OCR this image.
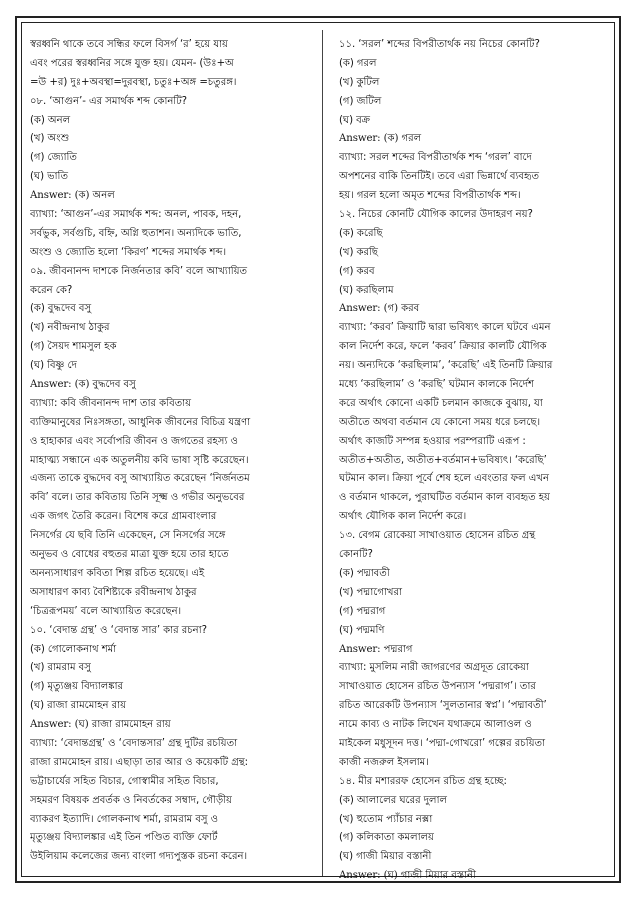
স্বরধ্বনি থাকে তবে সন্ধির ফলে বিসর্গ ‘র’ হয়ে যায়
এবং পরের স্বরধ্বনির সঙ্গে যুক্ত হয়। যেমন- (উঃ+অ
=উ +র) দুঃ+অবস্থা=দুরবস্থা, চতুঃ+অঙ্গ =চতুরঙ্গ।
০৮. ‘আগুন’- এর সমার্থক শব্দ কোনটি?
(ক) অনল
(খ) অংশু
(গ) জ্যোতি
(ঘ) ভাতি
Answer: (ক) অনল
ব্যাখ্যা: ‘আগুন’-এর সমার্থক শব্দ: অনল, পাবক, দহন,
সর্বভুক, সর্বগুচি, বহ্নি, অগ্নি হুতাশন। অন্যদিকে ভাতি,
অংশু ও জ্যোতি হলো ‘কিরণ’ শব্দের সমার্থক শব্দ।
০৯. জীবনানন্দ দাশকে নির্জনতার কবি’ বলে আখ্যায়িত
করেন কে?
(ক) বুদ্ধদেব বসু
(খ) নবীন্দ্রনাথ ঠাকুর
(গ) সৈয়দ শামসুল হক
(ঘ) বিষ্ণু দে
Answer: (ক) বুদ্ধদেব বসু
ব্যাখ্যা: কবি জীবনানন্দ দাশ তার কবিতায়
ব্যক্তিমানুষের নিঃসঙ্গতা, আধুনিক জীবনের বিচিত্র যন্ত্রণা
ও হাহাকার এবং সর্বোপরি জীবন ও জগতের রহস্য ও
মাহাত্ম্য সন্ধানে এক অতুলনীয় কবি ভাষা সৃষ্টি করেছেন।
এজন্য তাকে বুদ্ধদেব বসু আখ্যায়িত করেছেন ‘নির্জনতম
কবি’ বলে। তার কবিতায় তিনি সূক্ষ্ম ও গভীর অনুভবের
এক জগৎ তৈরি করেন। বিশেষ করে গ্রামবাংলার
নিসর্গের যে ছবি তিনি একেছেন, সে নিসর্গের সঙ্গে
অনুভব ও বোধের বহুতর মাত্রা যুক্ত হয়ে তার হাতে
অনন্যসাধারণ কবিতা শিল্প রচিত হয়েছে। এই
অসাধারণ কাব্য বৈশিষ্ট্যকে রবীন্দ্রনাথ ঠাকুর
‘চিত্ররূপময়’ বলে আখ্যায়িত করেছেন।
১০. ‘বেদান্ত গ্রন্থ’ ও ‘বেদান্ত সার’ কার রচনা?
(ক) গোলোকনাথ শর্মা
(খ) রামরাম বসু
(গ) মৃত্যুঞ্জয় বিদ্যালঙ্কার
(ঘ) রাজা রামমোহন রায়
Answer: (ঘ) রাজা রামমোহন রায়
ব্যাখ্যা: ‘বেদান্তগ্রন্থ’ ও ‘বেদান্তসার’ গ্রন্থ দুটির রচয়িতা
রাজা রামমোহন রায়। এছাড়া তার আর ও কয়েকটি গ্রন্থ:
ভট্টাচার্যের সহিত বিচার, গোস্বামীর সহিত বিচার,
সহমরণ বিষয়ক প্রবর্তক ও নিবর্তকের সম্বাদ, গৌড়ীয়
ব্যাকরণ ইত্যাদি। গোলকনাথ শর্মা, রামরাম বসু ও
মৃত্যুঞ্জয় বিদ্যালঙ্কার এই তিন পণ্ডিত ব্যক্তি ফোর্ট
উইলিয়াম কলেজের জন্য বাংলা গদ্যপুস্তক রচনা করেন।
১১. ‘সরল’ শব্দের বিপরীতার্থক নয় নিচের কোনটি?
(ক) গরল
(খ) কুটিল
(গ) জটিল
(ঘ) বক্র
Answer: (ক) গরল
ব্যাখ্যা: সরল শব্দের বিপরীতার্থক শব্দ ‘গরল’ বাদে
অপশনের বাকি তিনটিই। তবে এরা ভিন্নার্থে ব্যবহৃত
হয়। গরল হলো অমৃত শব্দের বিপরীতার্থক শব্দ।
১২. নিচের কোনটি যৌগিক কালের উদাহরণ নয়?
(ক) করেছি
(খ) করছি
(গ) করব
(ঘ) করছিলাম
Answer: (গ) করব
ব্যাখ্যা: ‘করব’ ক্রিয়াটি দ্বারা ভবিষ্যৎ কালে ঘটবে এমন
কাল নির্দেশ করে, ফলে ‘করব’ ক্রিয়ার কালটি যৌগিক
নয়। অন্যদিকে ‘করছিলাম’, ‘করেছি’ এই তিনটি ক্রিয়ার
মধ্যে ‘করছিলাম’ ও ‘করছি’ ঘটমান কালকে নির্দেশ
করে অর্থাৎ কোনো একটি চলমান কাজকে বুঝায়, যা
অতীতে অথবা বর্তমান যে কোনো সময় ধরে চলছে।
অর্থাৎ কাজটি সম্পন্ন হওয়ার পরম্পরাটি এরূপ :
অতীত+অতীত, অতীত+বর্তমান+ভবিষ্যৎ। ‘করেছি’
ঘটমান কাল। ক্রিয়া পূর্বে শেষ হলে এবংতার ফল এখন
ও বর্তমান থাকলে, পুরাঘটিত বর্তমান কাল ব্যবহৃত হয়
অর্থাৎ যৌগিক কাল নির্দেশ করে।
১৩. বেগম রোকেয়া সাখাওয়াত হোসেন রচিত গ্রন্থ
কোনটি?
(ক) পদ্মাবতী
(খ) পদ্মাগোখরা
(গ) পদ্মরাগ
(ঘ) পদ্মমণি
Answer: পদ্মরাগ
ব্যাখ্যা: মুসলিম নারী জাগরণের অগ্রদূত রোকেয়া
সাখাওয়াত হোসেন রচিত উপন্যাস ‘পদ্মরাগ’। তার
রচিত আরেকটি উপন্যাস ‘সুলতানার স্বপ্ন’। ‘পদ্মাবতী’
নামে কাব্য ও নাটক লিখেন যথাক্রমে আলাওল ও
মাইকেল মধুসূদন দত্ত। ‘পদ্মা-গোখরো’ গল্পের রচয়িতা
কাজী নজরুল ইসলাম।
১৪. মীর মশাররফ হোসেন রচিত গ্রন্থ হচ্ছে:
(ক) আলালের ঘরের দুলাল
(খ) হুতোম প্যাঁচার নক্সা
(গ) কলিকাতা কমলালয়
(ঘ) গাজী মিয়ার বস্তানী
Answer: (ঘ) গাজী মিয়ার বস্তানী
